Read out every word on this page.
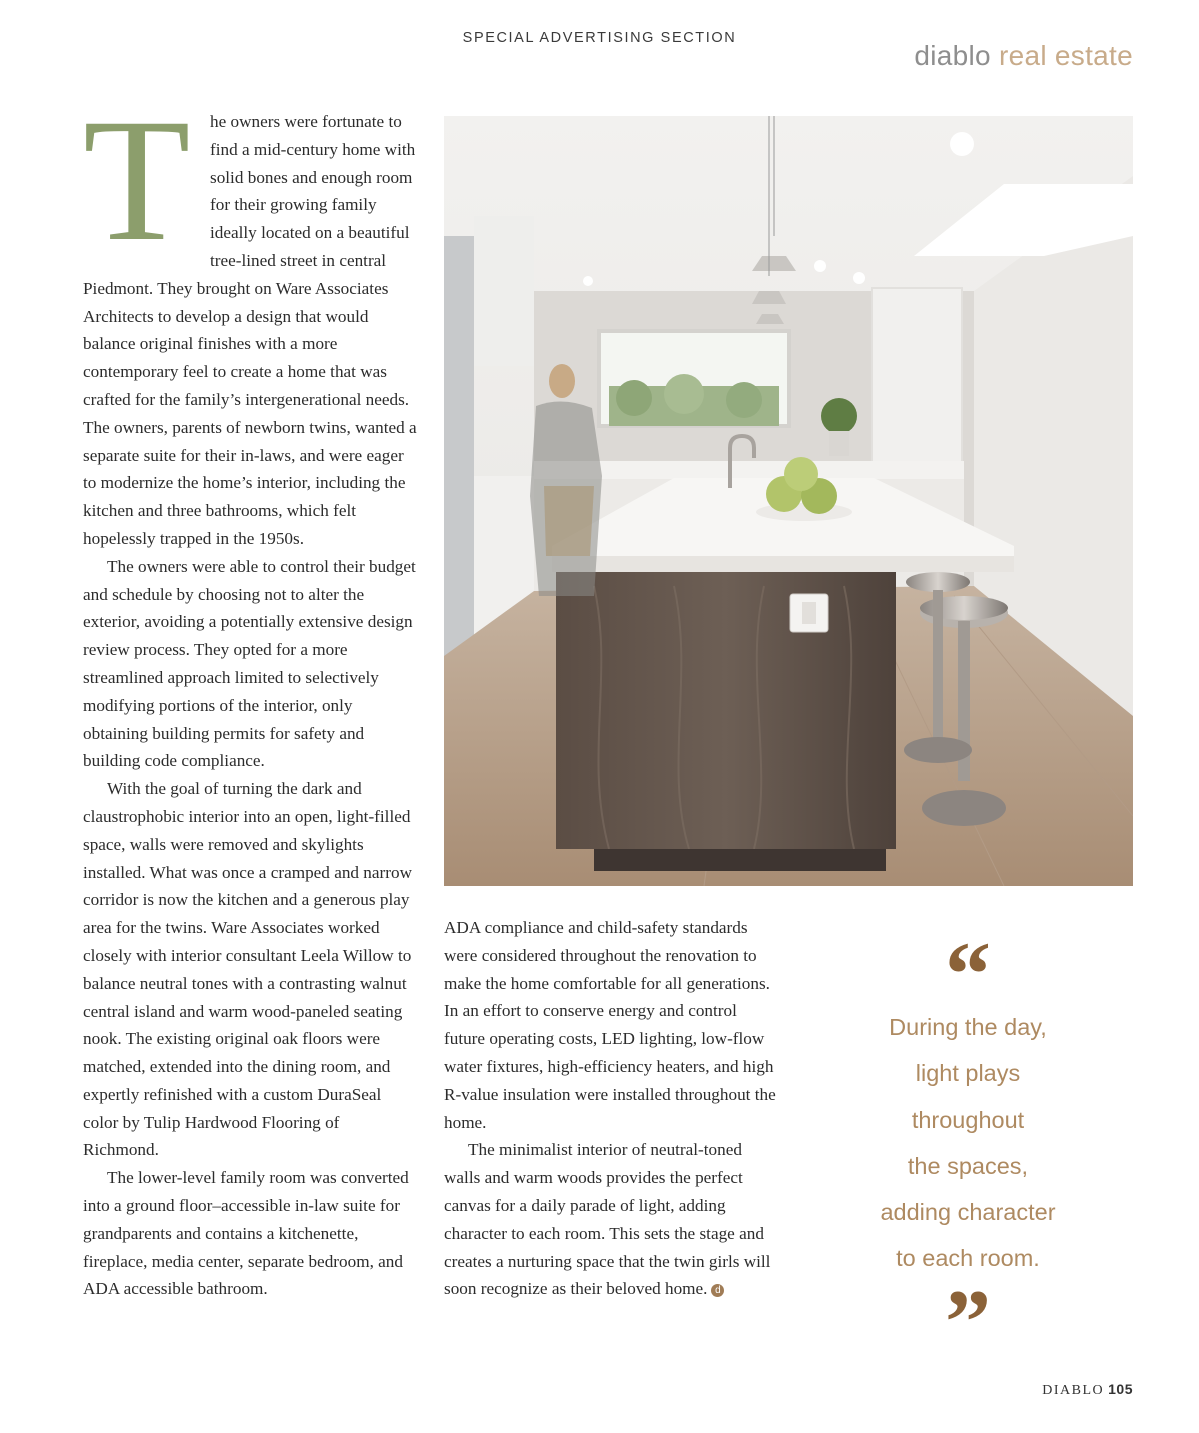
SPECIAL ADVERTISING SECTION
diablo real estate
T	he owners were fortunate to find a mid-century home with solid bones and enough room for their growing family ideally located on a beautiful tree-lined street in central Piedmont. They brought on Ware Associates Architects to develop a design that would balance original finishes with a more contemporary feel to create a home that was crafted for the family’s intergenerational needs. The owners, parents of newborn twins, wanted a separate suite for their in-laws, and were eager to modernize the home’s interior, including the kitchen and three bathrooms, which felt hopelessly trapped in the 1950s.

The owners were able to control their budget and schedule by choosing not to alter the exterior, avoiding a potentially extensive design review process. They opted for a more streamlined approach limited to selectively modifying portions of the interior, only obtaining building permits for safety and building code compliance.

With the goal of turning the dark and claustrophobic interior into an open, light-filled space, walls were removed and skylights installed. What was once a cramped and narrow corridor is now the kitchen and a generous play area for the twins. Ware Associates worked closely with interior consultant Leela Willow to balance neutral tones with a contrasting walnut central island and warm wood-paneled seating nook. The existing original oak floors were matched, extended into the dining room, and expertly refinished with a custom DuraSeal color by Tulip Hardwood Flooring of Richmond.

The lower-level family room was converted into a ground floor–accessible in-law suite for grandparents and contains a kitchenette, fireplace, media center, separate bedroom, and ADA accessible bathroom.

ADA compliance and child-safety standards were considered throughout the renovation to make the home comfortable for all generations. In an effort to conserve energy and control future operating costs, LED lighting, low-flow water fixtures, high-efficiency heaters, and high R-value insulation were installed throughout the home.

The minimalist interior of neutral-toned walls and warm woods provides the perfect canvas for a daily parade of light, adding character to each room. This sets the stage and creates a nurturing space that the twin girls will soon recognize as their beloved home. d

“
During the day,
light plays
throughout
the spaces,
adding character
to each room.
”
DIABLO 105
